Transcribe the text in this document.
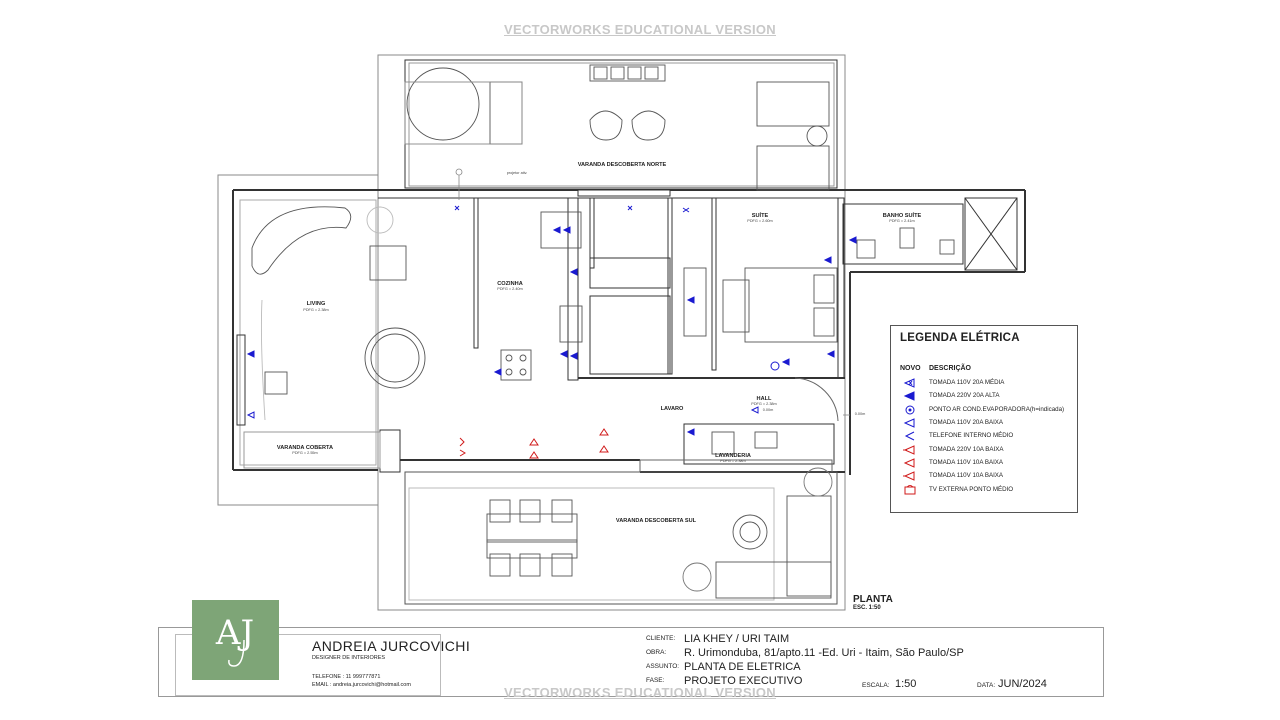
VECTORWORKS EDUCATIONAL VERSION
VARANDA DESCOBERTA NORTE
SUÍTE	BANHO SUÍTE
COZINHA
LIVING
HALL
LAVARO
VARANDA COBERTA
LAVANDERIA
VARANDA DESCOBERTA SUL
PDFG = 2.60m	PDFG = 2.41m
PDFG = 2.40m
PDFG = 2.38m
PDFG = 2.38m
PDFG = 2.55m
PDFG = 2.38m
projetor ativ.
0.00m
0.00m
PLANTA
ESC. 1:50
LEGENDA ELÉTRICA
NOVO DESCRIÇÃO
TOMADA 110V 20A MÉDIA
TOMADA 220V 20A ALTA
PONTO AR COND.EVAPORADORA(h=indicada)
TOMADA 110V 20A BAIXA
TELEFONE INTERNO MÉDIO
TOMADA 220V 10A BAIXA
TOMADA 110V 10A BAIXA
TOMADA 110V 10A BAIXA
TV EXTERNA PONTO MÉDIO
AJ	ANDREIA JURCOVICHI
DESIGNER DE INTERIORES
TELEFONE : 11 999777871
EMAIL : andreia.jurcovichi@hotmail.com
CLIENTE: LIA KHEY / URI TAIM
OBRA: R. Urimonduba, 81/apto.11 -Ed. Uri - Itaim, São Paulo/SP
ASSUNTO: PLANTA DE ELETRICA
FASE: PROJETO EXECUTIVO	ESCALA: 1:50	DATA: JUN/2024
VECTORWORKS EDUCATIONAL VERSION
